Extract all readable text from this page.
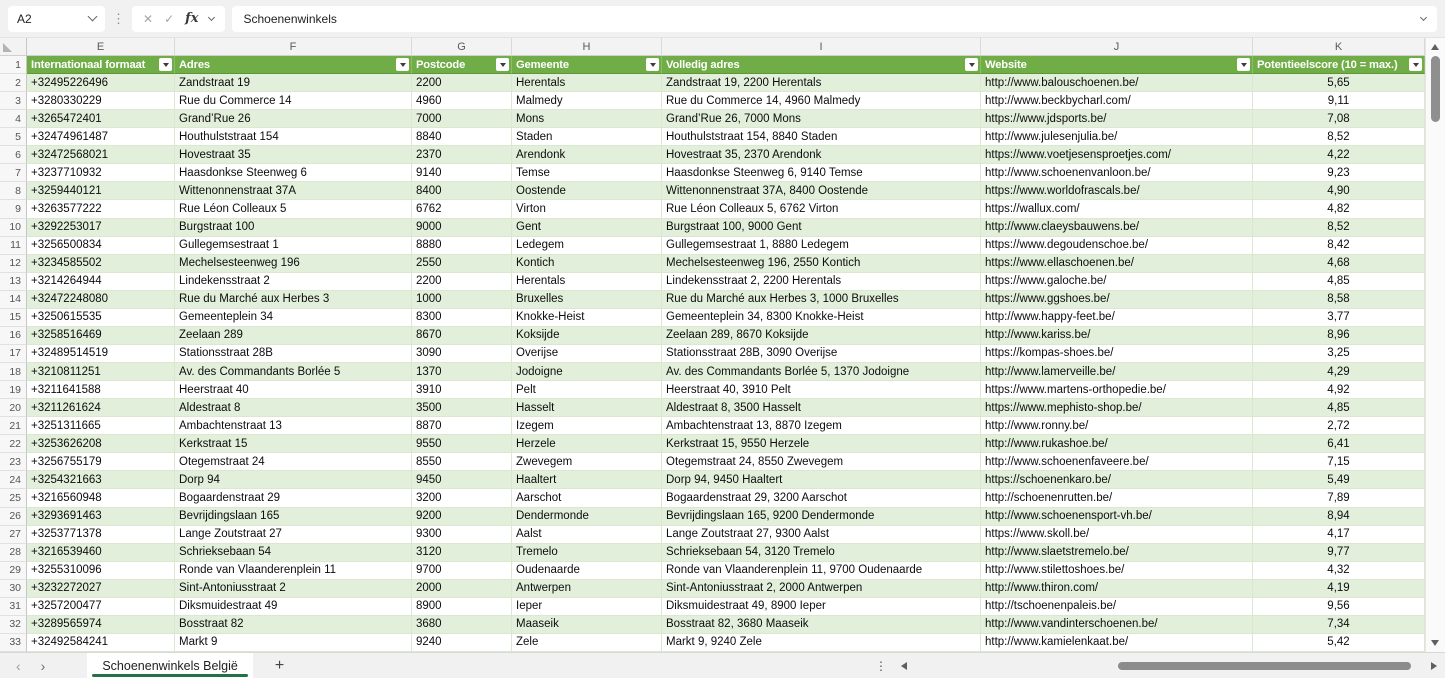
A2	⋮ ✕ ✓ fx	Schoenenwinkels
E	F	G	H	I	J	K
1 Internationaal formaat	Adres	Postcode	Gemeente	Volledig adres	Website	Potentieelscore (10 = max.)
2 +32495226496	Zandstraat 19	2200	Herentals	Zandstraat 19, 2200 Herentals	http://www.balouschoenen.be/	5,65
3 +3280330229	Rue du Commerce 14	4960	Malmedy	Rue du Commerce 14, 4960 Malmedy	http://www.beckbycharl.com/	9,11
4 +3265472401	Grand’Rue 26	7000	Mons	Grand’Rue 26, 7000 Mons	https://www.jdsports.be/	7,08
5 +32474961487	Houthulststraat 154	8840	Staden	Houthulststraat 154, 8840 Staden	http://www.julesenjulia.be/	8,52
6 +32472568021	Hovestraat 35	2370	Arendonk	Hovestraat 35, 2370 Arendonk	https://www.voetjesensproetjes.com/	4,22
7 +3237710932	Haasdonkse Steenweg 6	9140	Temse	Haasdonkse Steenweg 6, 9140 Temse	http://www.schoenenvanloon.be/	9,23
8 +3259440121	Wittenonnenstraat 37A	8400	Oostende	Wittenonnenstraat 37A, 8400 Oostende	https://www.worldofrascals.be/	4,90
9 +3263577222	Rue Léon Colleaux 5	6762	Virton	Rue Léon Colleaux 5, 6762 Virton	https://wallux.com/	4,82
10 +3292253017	Burgstraat 100	9000	Gent	Burgstraat 100, 9000 Gent	http://www.claeysbauwens.be/	8,52
11 +3256500834	Gullegemsestraat 1	8880	Ledegem	Gullegemsestraat 1, 8880 Ledegem	https://www.degoudenschoe.be/	8,42
12 +3234585502	Mechelsesteenweg 196	2550	Kontich	Mechelsesteenweg 196, 2550 Kontich	https://www.ellaschoenen.be/	4,68
13 +3214264944	Lindekensstraat 2	2200	Herentals	Lindekensstraat 2, 2200 Herentals	https://www.galoche.be/	4,85
14 +32472248080	Rue du Marché aux Herbes 3	1000	Bruxelles	Rue du Marché aux Herbes 3, 1000 Bruxelles	https://www.ggshoes.be/	8,58
15 +3250615535	Gemeenteplein 34	8300	Knokke-Heist	Gemeenteplein 34, 8300 Knokke-Heist	http://www.happy-feet.be/	3,77
16 +3258516469	Zeelaan 289	8670	Koksijde	Zeelaan 289, 8670 Koksijde	http://www.kariss.be/	8,96
17 +32489514519	Stationsstraat 28B	3090	Overijse	Stationsstraat 28B, 3090 Overijse	https://kompas-shoes.be/	3,25
18 +3210811251	Av. des Commandants Borlée 5	1370	Jodoigne	Av. des Commandants Borlée 5, 1370 Jodoigne	http://www.lamerveille.be/	4,29
19 +3211641588	Heerstraat 40	3910	Pelt	Heerstraat 40, 3910 Pelt	https://www.martens-orthopedie.be/	4,92
20 +3211261624	Aldestraat 8	3500	Hasselt	Aldestraat 8, 3500 Hasselt	https://www.mephisto-shop.be/	4,85
21 +3251311665	Ambachtenstraat 13	8870	Izegem	Ambachtenstraat 13, 8870 Izegem	http://www.ronny.be/	2,72
22 +3253626208	Kerkstraat 15	9550	Herzele	Kerkstraat 15, 9550 Herzele	http://www.rukashoe.be/	6,41
23 +3256755179	Otegemstraat 24	8550	Zwevegem	Otegemstraat 24, 8550 Zwevegem	http://www.schoenenfaveere.be/	7,15
24 +3254321663	Dorp 94	9450	Haaltert	Dorp 94, 9450 Haaltert	https://schoenenkaro.be/	5,49
25 +3216560948	Bogaardenstraat 29	3200	Aarschot	Bogaardenstraat 29, 3200 Aarschot	http://schoenenrutten.be/	7,89
26 +3293691463	Bevrijdingslaan 165	9200	Dendermonde	Bevrijdingslaan 165, 9200 Dendermonde	http://www.schoenensport-vh.be/	8,94
27 +3253771378	Lange Zoutstraat 27	9300	Aalst	Lange Zoutstraat 27, 9300 Aalst	https://www.skoll.be/	4,17
28 +3216539460	Schrieksebaan 54	3120	Tremelo	Schrieksebaan 54, 3120 Tremelo	http://www.slaetstremelo.be/	9,77
29 +3255310096	Ronde van Vlaanderenplein 11	9700	Oudenaarde	Ronde van Vlaanderenplein 11, 9700 Oudenaarde	http://www.stilettoshoes.be/	4,32
30 +3232272027	Sint-Antoniusstraat 2	2000	Antwerpen	Sint-Antoniusstraat 2, 2000 Antwerpen	http://www.thiron.com/	4,19
31 +3257200477	Diksmuidestraat 49	8900	Ieper	Diksmuidestraat 49, 8900 Ieper	http://tschoenenpaleis.be/	9,56
32 +3289565974	Bosstraat 82	3680	Maaseik	Bosstraat 82, 3680 Maaseik	http://www.vandinterschoenen.be/	7,34
33 +32492584241	Markt 9	9240	Zele	Markt 9, 9240 Zele	http://www.kamielenkaat.be/	5,42
‹ ›	Schoenenwinkels België +	⋮
